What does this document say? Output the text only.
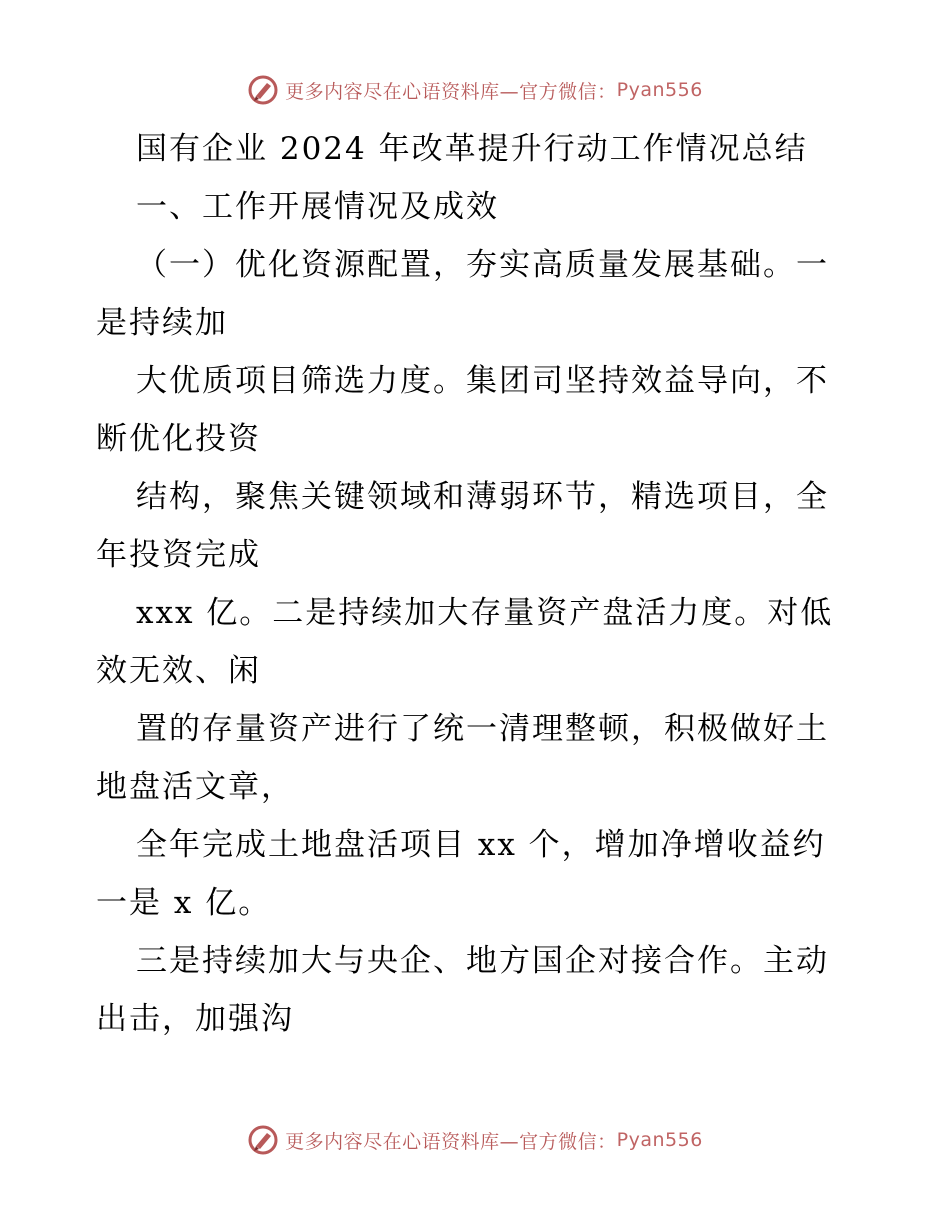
更多内容尽在心语资料库—官方微信： Pyan556
国有企业 2024 年改革提升行动工作情况总结
一、工作开展情况及成效
（一）优化资源配置，夯实高质量发展基础。一
是持续加
大优质项目筛选力度。集团司坚持效益导向，不
断优化投资
结构，聚焦关键领域和薄弱环节，精选项目，全
年投资完成
xxx 亿。二是持续加大存量资产盘活力度。对低
效无效、闲
置的存量资产进行了统一清理整顿，积极做好土
地盘活文章，
全年完成土地盘活项目 xx 个，增加净增收益约
一是 x 亿。
三是持续加大与央企、地方国企对接合作。主动
出击，加强沟
更多内容尽在心语资料库—官方微信： Pyan556
